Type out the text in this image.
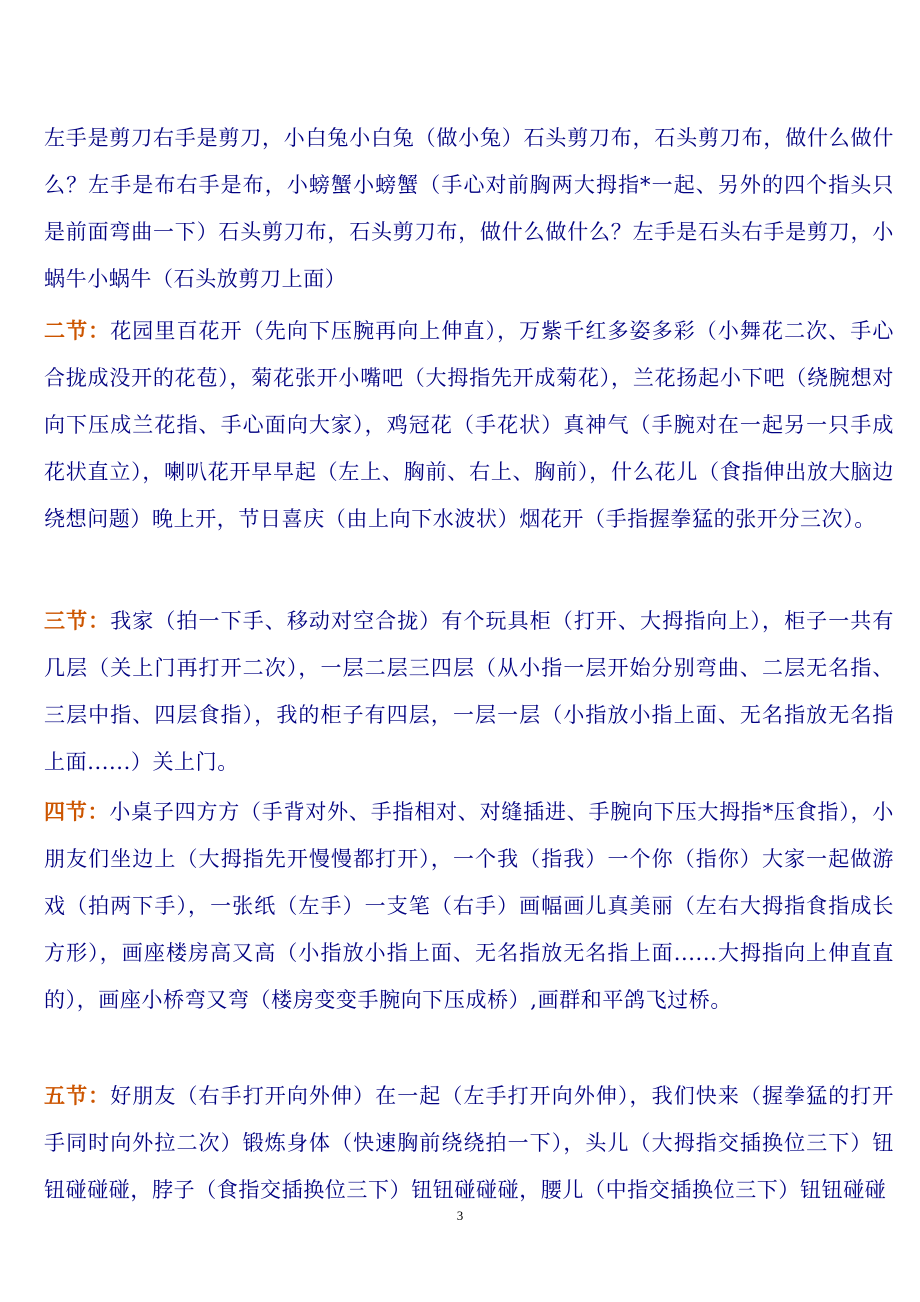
左手是剪刀右手是剪刀，小白兔小白兔（做小兔）石头剪刀布，石头剪刀布，做什么做什么？左手是布右手是布，小螃蟹小螃蟹（手心对前胸两大拇指*一起、另外的四个指头只是前面弯曲一下）石头剪刀布，石头剪刀布，做什么做什么？左手是石头右手是剪刀，小蜗牛小蜗牛（石头放剪刀上面）

二节：花园里百花开（先向下压腕再向上伸直），万紫千红多姿多彩（小舞花二次、手心合拢成没开的花苞），菊花张开小嘴吧（大拇指先开成菊花），兰花扬起小下吧（绕腕想对向下压成兰花指、手心面向大家），鸡冠花（手花状）真神气（手腕对在一起另一只手成花状直立），喇叭花开早早起（左上、胸前、右上、胸前），什么花儿（食指伸出放大脑边绕想问题）晚上开，节日喜庆（由上向下水波状）烟花开（手指握拳猛的张开分三次）。

三节：我家（拍一下手、移动对空合拢）有个玩具柜（打开、大拇指向上），柜子一共有几层（关上门再打开二次），一层二层三四层（从小指一层开始分别弯曲、二层无名指、三层中指、四层食指），我的柜子有四层，一层一层（小指放小指上面、无名指放无名指上面......）关上门。

四节：小桌子四方方（手背对外、手指相对、对缝插进、手腕向下压大拇指*压食指），小朋友们坐边上（大拇指先开慢慢都打开），一个我（指我）一个你（指你）大家一起做游戏（拍两下手），一张纸（左手）一支笔（右手）画幅画儿真美丽（左右大拇指食指成长方形），画座楼房高又高（小指放小指上面、无名指放无名指上面......大拇指向上伸直直的），画座小桥弯又弯（楼房变变手腕向下压成桥）,画群和平鸽飞过桥。

五节：好朋友（右手打开向外伸）在一起（左手打开向外伸），我们快来（握拳猛的打开手同时向外拉二次）锻炼身体（快速胸前绕绕拍一下），头儿（大拇指交插换位三下）钮钮碰碰碰，脖子（食指交插换位三下）钮钮碰碰碰，腰儿（中指交插换位三下）钮钮碰碰

3
